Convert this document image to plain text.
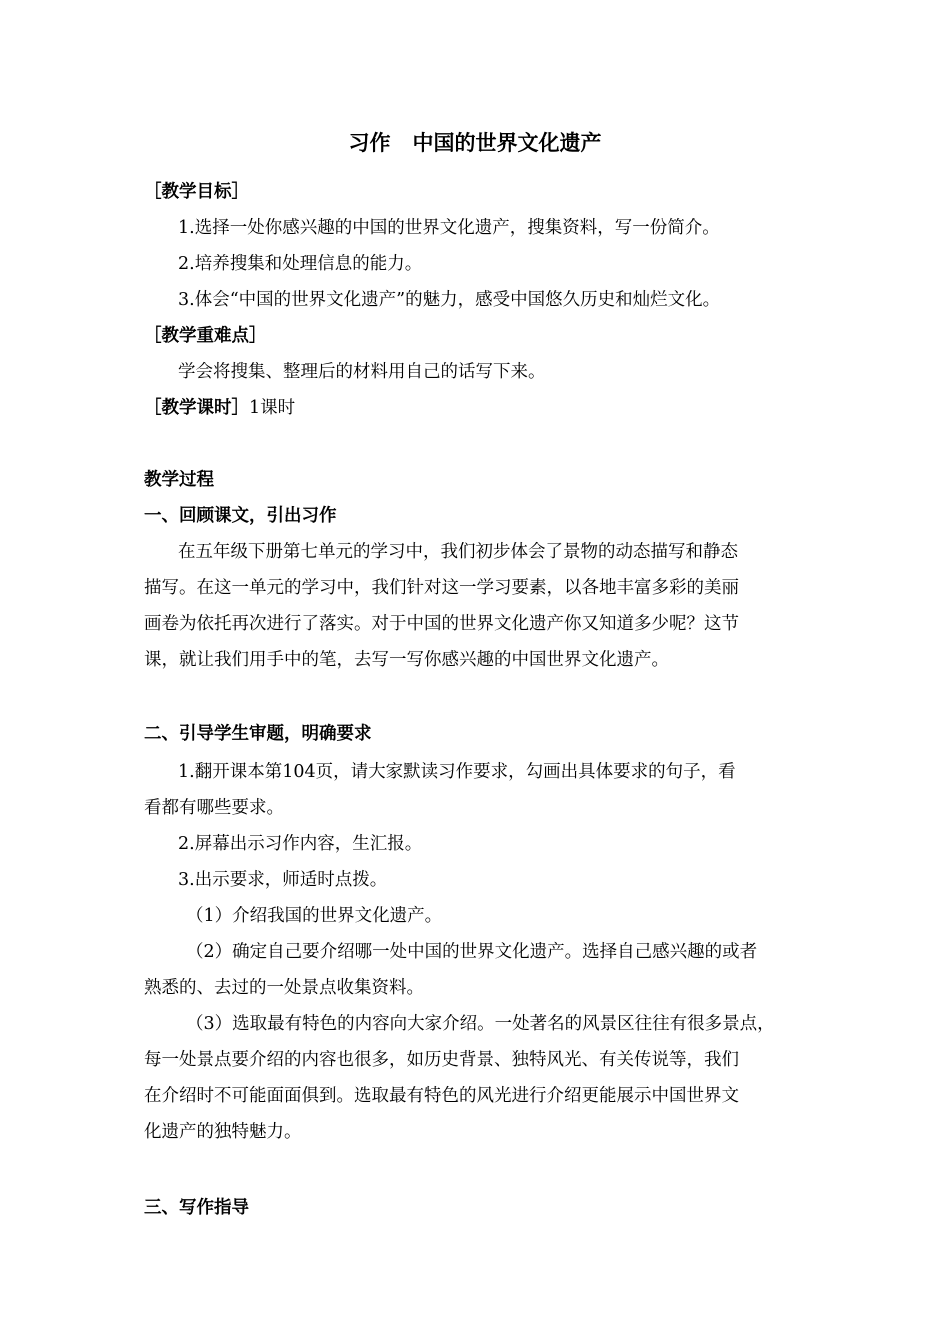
习作 中国的世界文化遗产
［教学目标］
1.选择一处你感兴趣的中国的世界文化遗产，搜集资料，写一份简介。
2.培养搜集和处理信息的能力。
3.体会“中国的世界文化遗产”的魅力，感受中国悠久历史和灿烂文化。
［教学重难点］
学会将搜集、整理后的材料用自己的话写下来。
［教学课时］1课时
教学过程
一、回顾课文，引出习作
在五年级下册第七单元的学习中，我们初步体会了景物的动态描写和静态
描写。在这一单元的学习中，我们针对这一学习要素，以各地丰富多彩的美丽
画卷为依托再次进行了落实。对于中国的世界文化遗产你又知道多少呢？这节
课，就让我们用手中的笔，去写一写你感兴趣的中国世界文化遗产。
二、引导学生审题，明确要求
1.翻开课本第104页，请大家默读习作要求，勾画出具体要求的句子，看
看都有哪些要求。
2.屏幕出示习作内容，生汇报。
3.出示要求，师适时点拨。
（1）介绍我国的世界文化遗产。
（2）确定自己要介绍哪一处中国的世界文化遗产。选择自己感兴趣的或者
熟悉的、去过的一处景点收集资料。
（3）选取最有特色的内容向大家介绍。一处著名的风景区往往有很多景点，
每一处景点要介绍的内容也很多，如历史背景、独特风光、有关传说等，我们
在介绍时不可能面面俱到。选取最有特色的风光进行介绍更能展示中国世界文
化遗产的独特魅力。
三、写作指导
